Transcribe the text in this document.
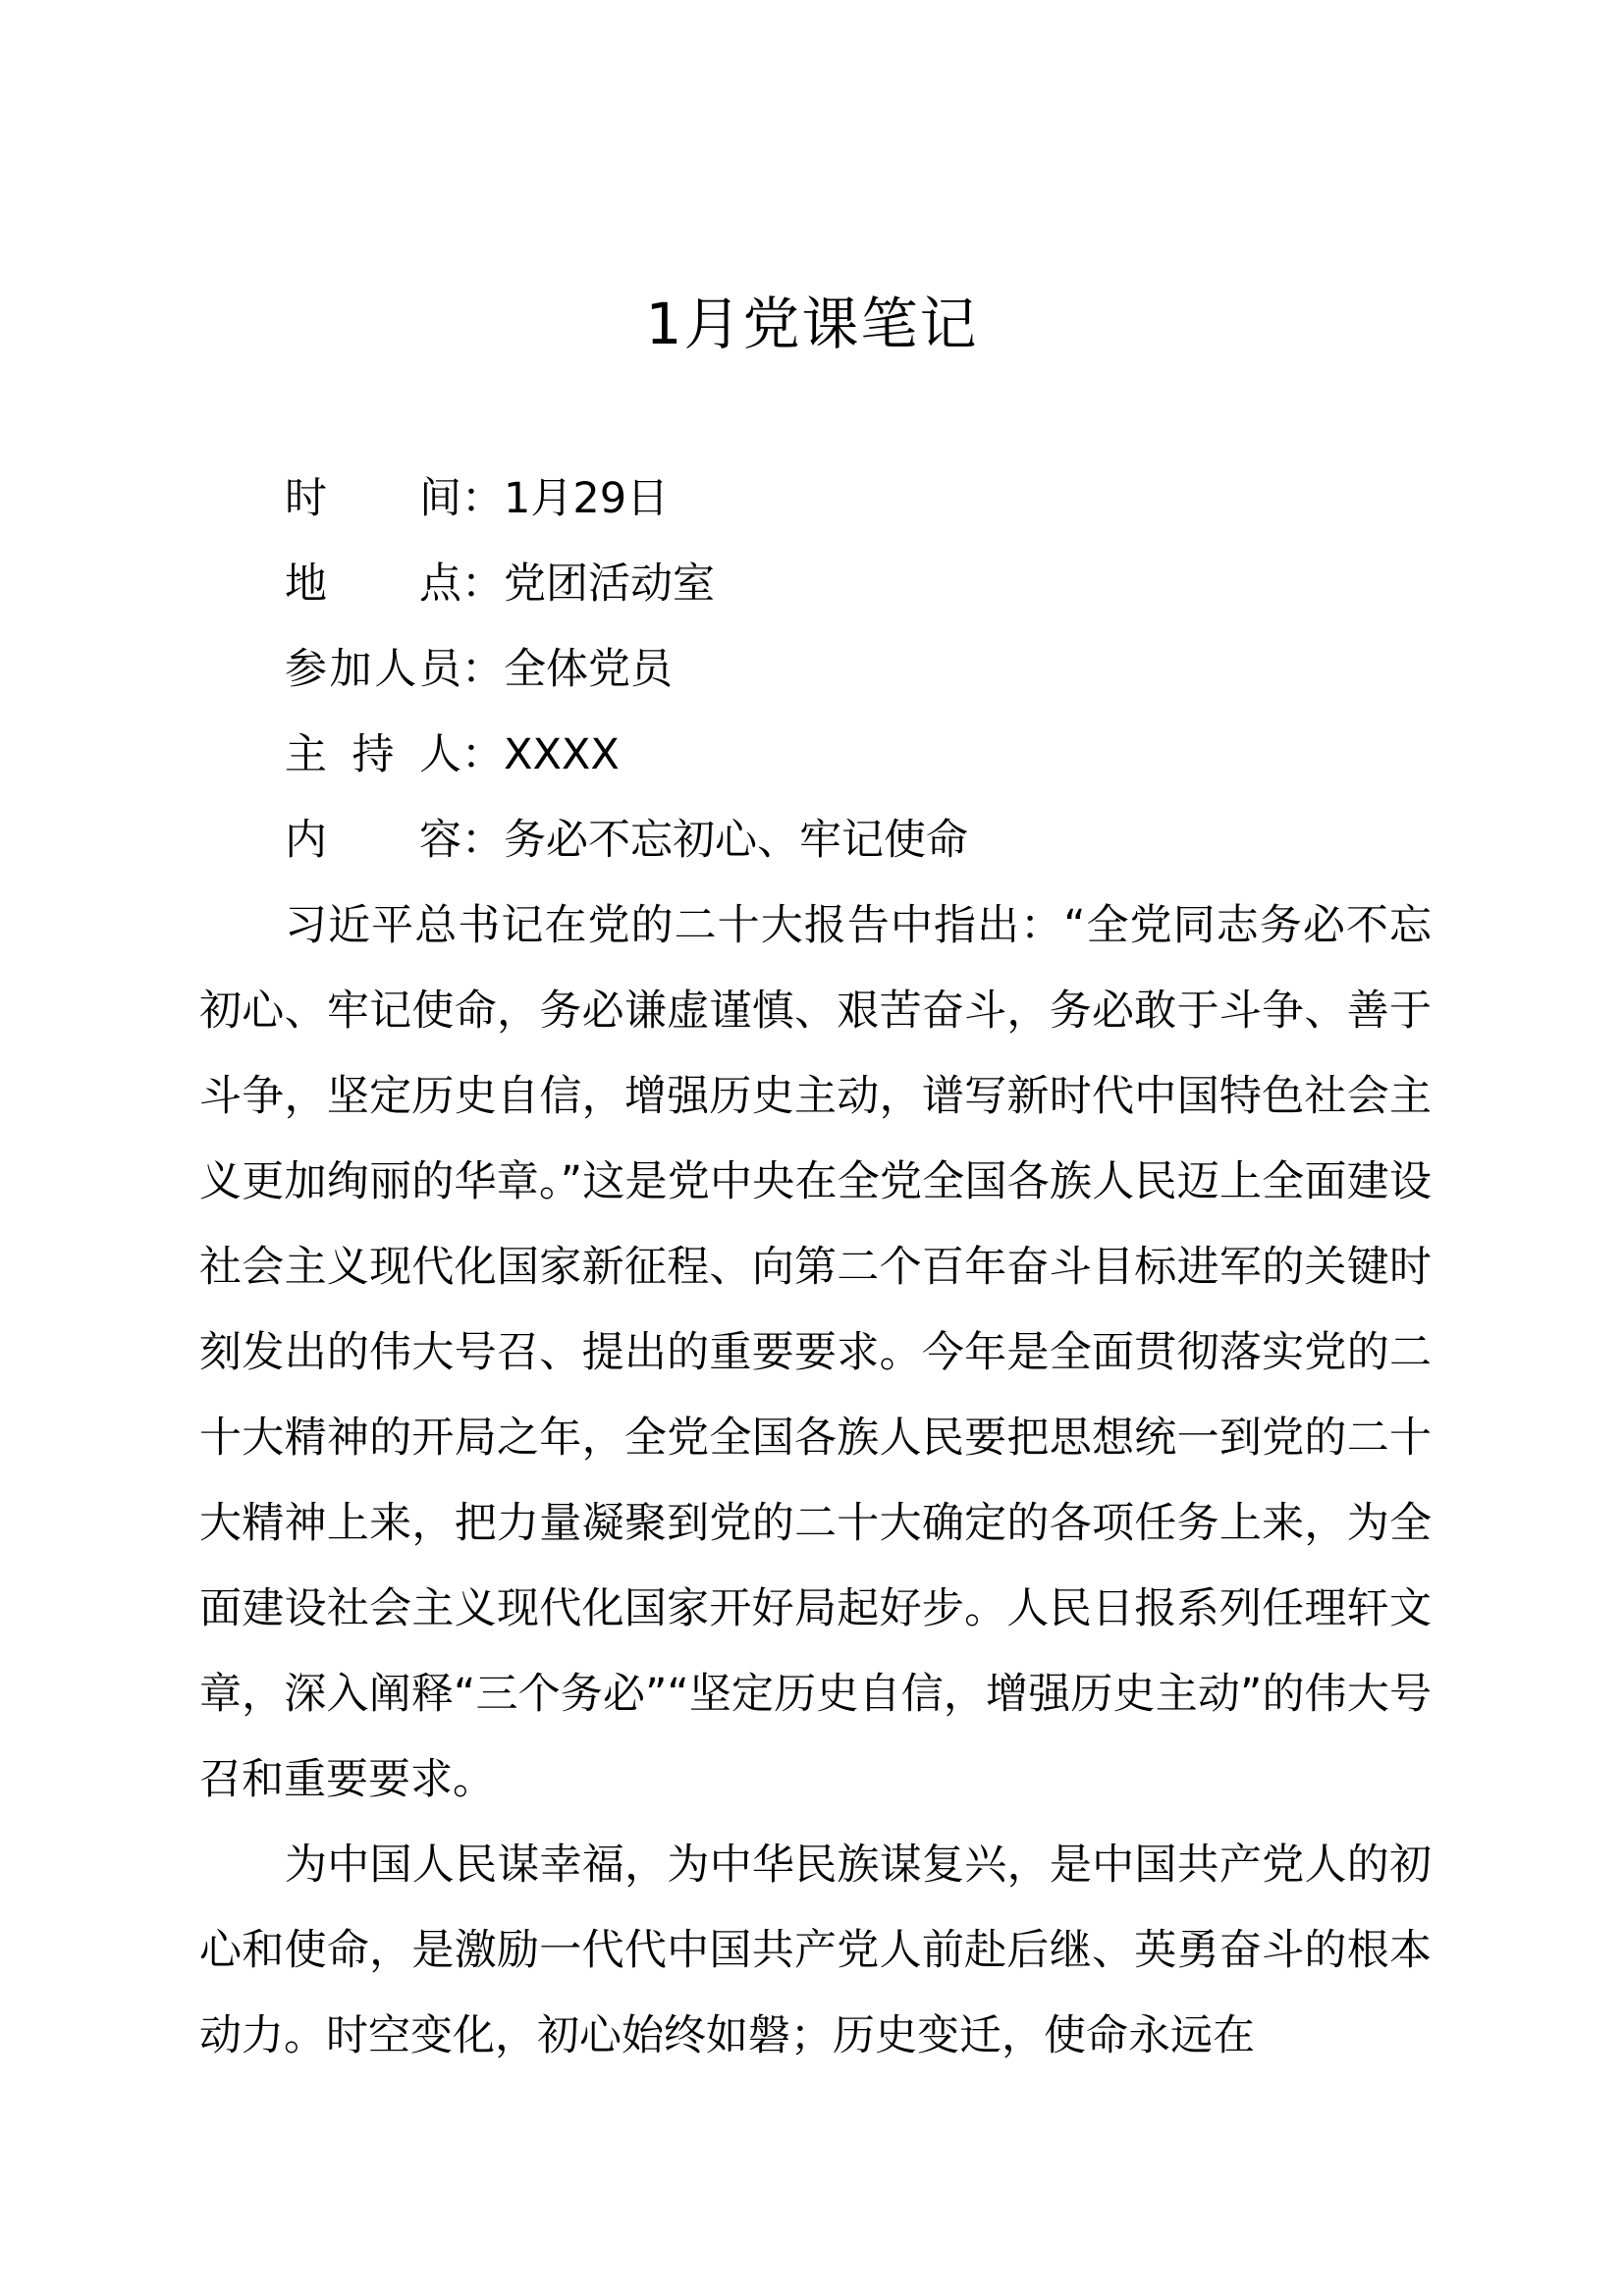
1月党课笔记
时　间：1月29日
地　点：党团活动室
参加人员：全体党员
主持人：XXXX
内　容：务必不忘初心、牢记使命

习近平总书记在党的二十大报告中指出：“全党同志务必不忘初心、牢记使命，务必谦虚谨慎、艰苦奋斗，务必敢于斗争、善于斗争，坚定历史自信，增强历史主动，谱写新时代中国特色社会主义更加绚丽的华章。”这是党中央在全党全国各族人民迈上全面建设社会主义现代化国家新征程、向第二个百年奋斗目标进军的关键时刻发出的伟大号召、提出的重要要求。今年是全面贯彻落实党的二十大精神的开局之年，全党全国各族人民要把思想统一到党的二十大精神上来，把力量凝聚到党的二十大确定的各项任务上来，为全面建设社会主义现代化国家开好局起好步。人民日报系列任理轩文章，深入阐释“三个务必”“坚定历史自信，增强历史主动”的伟大号召和重要要求。

为中国人民谋幸福，为中华民族谋复兴，是中国共产党人的初心和使命，是激励一代代中国共产党人前赴后继、英勇奋斗的根本动力。时空变化，初心始终如磐；历史变迁，使命永远在
